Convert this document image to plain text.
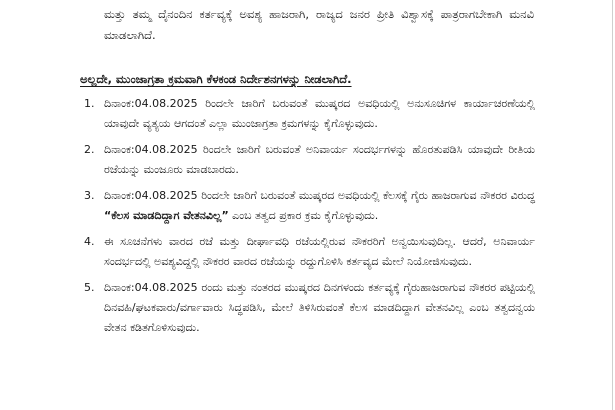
ಮತ್ತು ತಮ್ಮ ದೈನಂದಿನ ಕರ್ತವ್ಯಕ್ಕೆ ಅವಶ್ಯ ಹಾಜರಾಗಿ, ರಾಜ್ಯದ ಜನರ ಪ್ರೀತಿ ವಿಶ್ವಾಸಕ್ಕೆ ಪಾತ್ರರಾಗಬೇಕಾಗಿ ಮನವಿ ಮಾಡಲಾಗಿದೆ.

ಅಲ್ಲದೇ, ಮುಂಜಾಗ್ರತಾ ಕ್ರಮವಾಗಿ ಕೆಳಕಂಡ ನಿರ್ದೇಶನಗಳನ್ನು ನೀಡಲಾಗಿದೆ.
1. ದಿನಾಂಕ:04.08.2025 ರಿಂದಲೇ ಜಾರಿಗೆ ಬರುವಂತೆ ಮುಷ್ಕರದ ಅವಧಿಯಲ್ಲಿ ಅನುಸೂಚಿಗಳ ಕಾರ್ಯಾಚರಣೆಯಲ್ಲಿ ಯಾವುದೇ ವ್ಯತ್ಯಯ ಆಗದಂತೆ ಎಲ್ಲಾ ಮುಂಜಾಗ್ರತಾ ಕ್ರಮಗಳನ್ನು ಕೈಗೊಳ್ಳುವುದು.
2. ದಿನಾಂಕ:04.08.2025 ರಿಂದಲೇ ಜಾರಿಗೆ ಬರುವಂತೆ ಅನಿವಾರ್ಯ ಸಂದರ್ಭಗಳನ್ನು ಹೊರತುಪಡಿಸಿ ಯಾವುದೇ ರೀತಿಯ ರಜೆಯನ್ನು ಮಂಜೂರು ಮಾಡಬಾರದು.
3. ದಿನಾಂಕ:04.08.2025 ರಿಂದಲೇ ಜಾರಿಗೆ ಬರುವಂತೆ ಮುಷ್ಕರದ ಅವಧಿಯಲ್ಲಿ ಕೆಲಸಕ್ಕೆ ಗೈರು ಹಾಜರಾಗುವ ನೌಕರರ ವಿರುದ್ಧ “ಕೆಲಸ ಮಾಡದಿದ್ದಾಗ ವೇತನವಿಲ್ಲ” ಎಂಬ ತತ್ವದ ಪ್ರಕಾರ ಕ್ರಮ ಕೈಗೊಳ್ಳುವುದು.
4. ಈ ಸೂಚನೆಗಳು ವಾರದ ರಜೆ ಮತ್ತು ದೀರ್ಘಾವಧಿ ರಜೆಯಲ್ಲಿರುವ ನೌಕರರಿಗೆ ಅನ್ವಯಿಸುವುದಿಲ್ಲ. ಆದರೆ, ಅನಿವಾರ್ಯ ಸಂದರ್ಭದಲ್ಲಿ ಅವಶ್ಯವಿದ್ದಲ್ಲಿ ನೌಕರರ ವಾರದ ರಜೆಯನ್ನು ರದ್ದುಗೊಳಿಸಿ ಕರ್ತವ್ಯದ ಮೇಲೆ ನಿಯೋಜಿಸುವುದು.
5. ದಿನಾಂಕ:04.08.2025 ರಂದು ಮತ್ತು ನಂತರದ ಮುಷ್ಕರದ ದಿನಗಳಂದು ಕರ್ತವ್ಯಕ್ಕೆ ಗೈರುಹಾಜರಾಗುವ ನೌಕರರ ಪಟ್ಟಿಯಲ್ಲಿ ದಿನವಹಿ/ಘಟಕವಾರು/ವರ್ಗಾವಾರು ಸಿದ್ಧಪಡಿಸಿ, ಮೇಲೆ ತಿಳಿಸಿರುವಂತೆ ಕೆಲಸ ಮಾಡದಿದ್ದಾಗ ವೇತನವಿಲ್ಲ ಎಂಬ ತತ್ವದನ್ವಯ ವೇತನ ಕಡಿತಗೊಳಿಸುವುದು.
